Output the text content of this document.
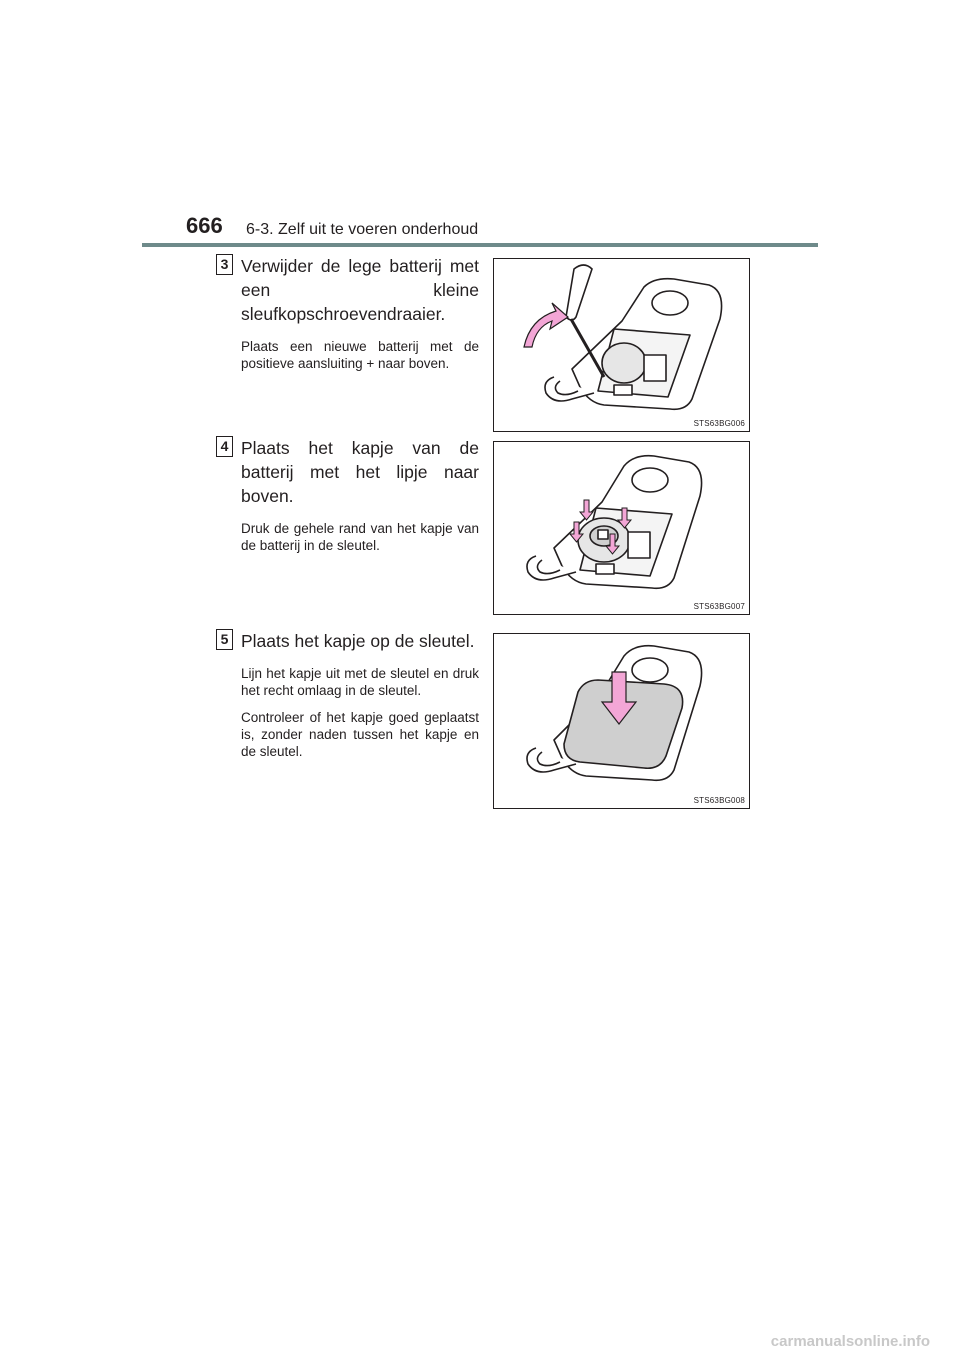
666 6-3. Zelf uit te voeren onderhoud
3 Verwijder de lege batterij met een kleine sleufkopschroevendraaier.

Plaats een nieuwe batterij met de positieve aansluiting + naar boven.

STS63BG006
4 Plaats het kapje van de batterij met het lipje naar boven.

Druk de gehele rand van het kapje van de batterij in de sleutel.

STS63BG007
5 Plaats het kapje op de sleutel.

Lijn het kapje uit met de sleutel en druk het recht omlaag in de sleutel.

Controleer of het kapje goed geplaatst is, zonder naden tussen het kapje en de sleutel.

STS63BG008
carmanualsonline.info
